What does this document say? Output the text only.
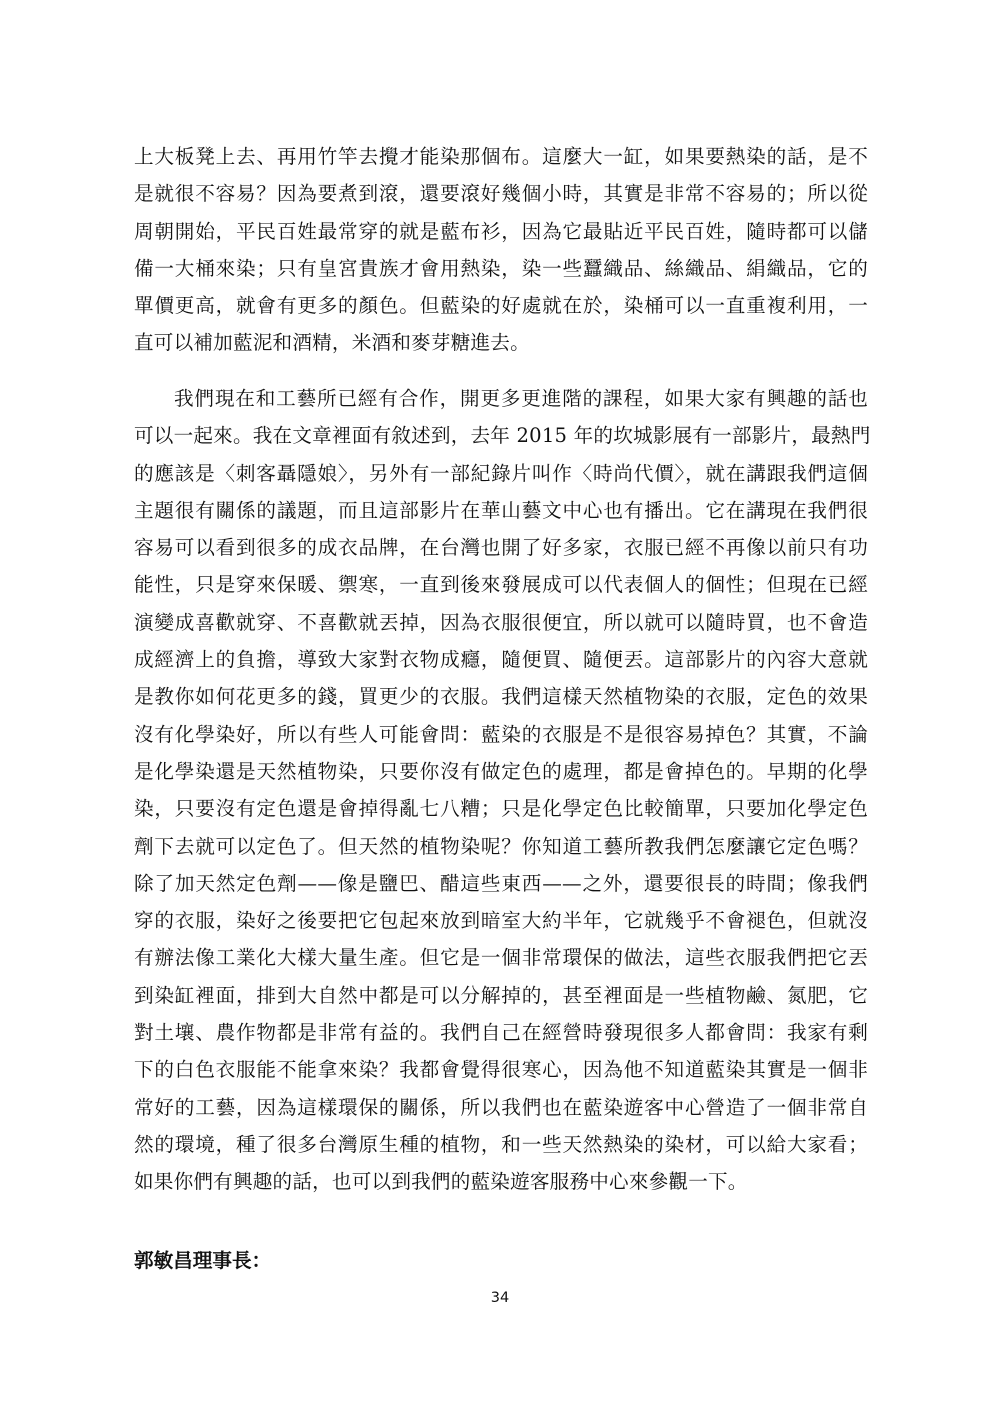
上大板凳上去、再用竹竿去攪才能染那個布。這麼大一缸，如果要熱染的話，是不
是就很不容易？因為要煮到滾，還要滾好幾個小時，其實是非常不容易的；所以從
周朝開始，平民百姓最常穿的就是藍布衫，因為它最貼近平民百姓，隨時都可以儲
備一大桶來染；只有皇宮貴族才會用熱染，染一些蠶織品、絲織品、絹織品，它的
單價更高，就會有更多的顏色。但藍染的好處就在於，染桶可以一直重複利用，一
直可以補加藍泥和酒精，米酒和麥芽糖進去。
我們現在和工藝所已經有合作，開更多更進階的課程，如果大家有興趣的話也
可以一起來。我在文章裡面有敘述到，去年 2015 年的坎城影展有一部影片，最熱門
的應該是〈刺客聶隱娘〉，另外有一部紀錄片叫作〈時尚代價〉，就在講跟我們這個
主題很有關係的議題，而且這部影片在華山藝文中心也有播出。它在講現在我們很
容易可以看到很多的成衣品牌，在台灣也開了好多家，衣服已經不再像以前只有功
能性，只是穿來保暖、禦寒，一直到後來發展成可以代表個人的個性；但現在已經
演變成喜歡就穿、不喜歡就丟掉，因為衣服很便宜，所以就可以隨時買，也不會造
成經濟上的負擔，導致大家對衣物成癮，隨便買、隨便丟。這部影片的內容大意就
是教你如何花更多的錢，買更少的衣服。我們這樣天然植物染的衣服，定色的效果
沒有化學染好，所以有些人可能會問：藍染的衣服是不是很容易掉色？其實，不論
是化學染還是天然植物染，只要你沒有做定色的處理，都是會掉色的。早期的化學
染，只要沒有定色還是會掉得亂七八糟；只是化學定色比較簡單，只要加化學定色
劑下去就可以定色了。但天然的植物染呢？你知道工藝所教我們怎麼讓它定色嗎？
除了加天然定色劑——像是鹽巴、醋這些東西——之外，還要很長的時間；像我們
穿的衣服，染好之後要把它包起來放到暗室大約半年，它就幾乎不會褪色，但就沒
有辦法像工業化大樣大量生產。但它是一個非常環保的做法，這些衣服我們把它丟
到染缸裡面，排到大自然中都是可以分解掉的，甚至裡面是一些植物鹼、氮肥，它
對土壤、農作物都是非常有益的。我們自己在經營時發現很多人都會問：我家有剩
下的白色衣服能不能拿來染？我都會覺得很寒心，因為他不知道藍染其實是一個非
常好的工藝，因為這樣環保的關係，所以我們也在藍染遊客中心營造了一個非常自
然的環境，種了很多台灣原生種的植物，和一些天然熱染的染材，可以給大家看；
如果你們有興趣的話，也可以到我們的藍染遊客服務中心來參觀一下。
郭敏昌理事長：
34
